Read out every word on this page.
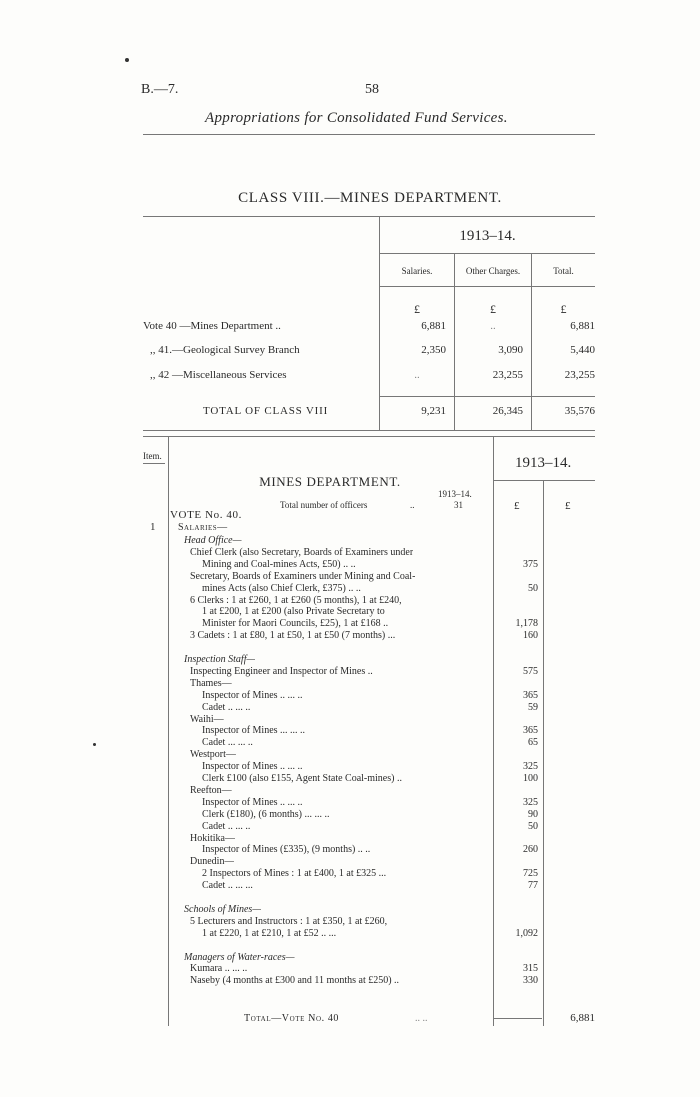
B.—7.	58
Appropriations for Consolidated Fund Services.
CLASS VIII.—MINES DEPARTMENT.
1913–14.
Salaries.	Other Charges.	Total.
£	£	£
Vote 40 —Mines Department ..	6,881	..	6,881
,, 41.—Geological Survey Branch	2,350	3,090	5,440
,, 42 —Miscellaneous Services	..	23,255	23,255
TOTAL OF CLASS VIII	9,231	26,345	35,576
Item.	1913–14.
MINES DEPARTMENT.
1913–14.
Total number of officers	..	31	£	£
VOTE No. 40.
1 Salaries—
Head Office—
Chief Clerk (also Secretary, Boards of Examiners under
Mining and Coal-mines Acts, £50) .. ..	375
Secretary, Boards of Examiners under Mining and Coal-
mines Acts (also Chief Clerk, £375) .. ..	50
6 Clerks : 1 at £260, 1 at £260 (5 months), 1 at £240,
1 at £200, 1 at £200 (also Private Secretary to
Minister for Maori Councils, £25), 1 at £168 ..	1,178
3 Cadets : 1 at £80, 1 at £50, 1 at £50 (7 months) ...	160
Inspection Staff—
Inspecting Engineer and Inspector of Mines ..	575
Thames—
Inspector of Mines .. ... ..	365
Cadet .. ... ..	59
Waihi—
Inspector of Mines ... ... ..	365
Cadet ... ... ..	65
Westport—
Inspector of Mines .. ... ..	325
Clerk £100 (also £155, Agent State Coal-mines) ..	100
Reefton—
Inspector of Mines .. ... ..	325
Clerk (£180), (6 months) ... ... ..	90
Cadet .. ... ..	50
Hokitika—
Inspector of Mines (£335), (9 months) .. ..	260
Dunedin—
2 Inspectors of Mines : 1 at £400, 1 at £325 ...	725
Cadet .. ... ...	77
Schools of Mines—
5 Lecturers and Instructors : 1 at £350, 1 at £260,
1 at £220, 1 at £210, 1 at £52 .. ...	1,092
Managers of Water-races—
Kumara .. ... ..	315
Naseby (4 months at £300 and 11 months at £250) ..	330
Total—Vote No. 40	.. ..	6,881
